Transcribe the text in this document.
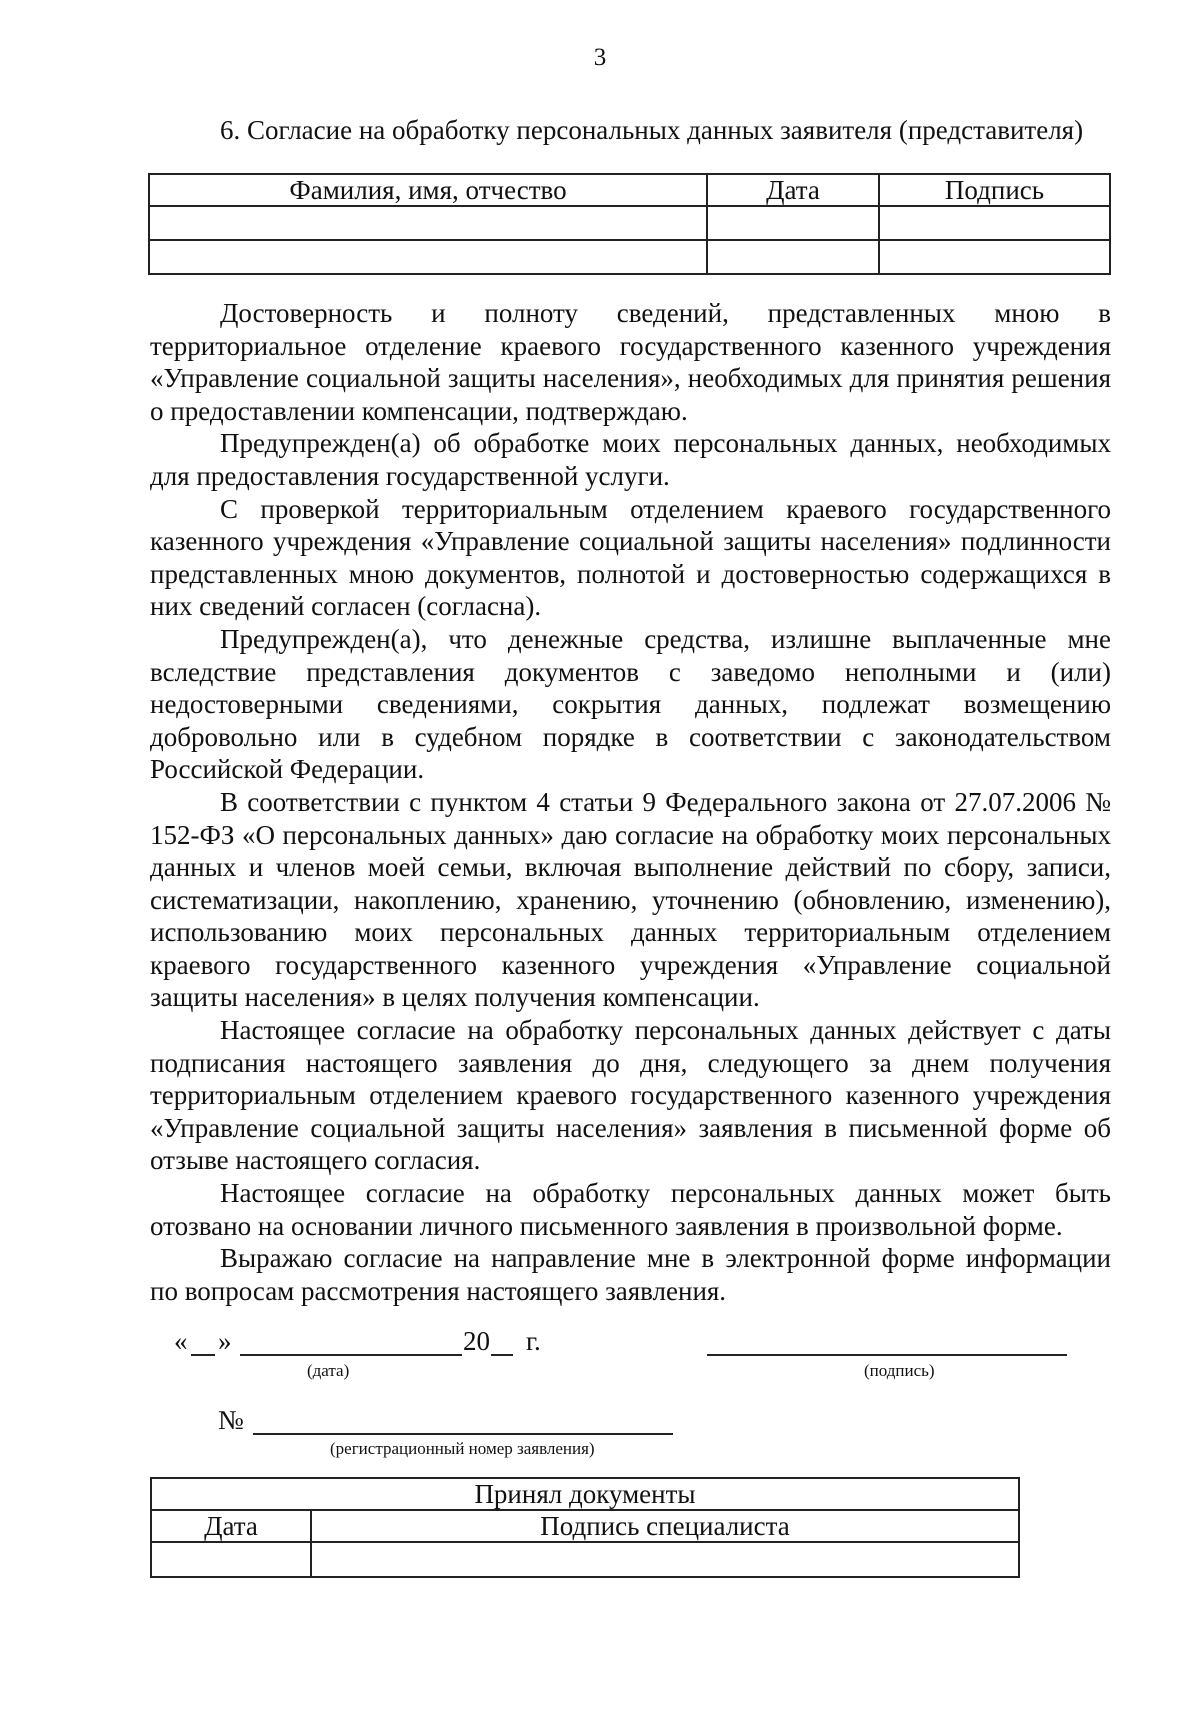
3
6. Согласие на обработку персональных данных заявителя (представителя)
Фамилия, имя, отчество	Дата	Подпись

Достоверность и полноту сведений, представленных мною в территориальное отделение краевого государственного казенного учреждения «Управление социальной защиты населения», необходимых для принятия решения о предоставлении компенсации, подтверждаю.

Предупрежден(а) об обработке моих персональных данных, необходимых для предоставления государственной услуги.

С проверкой территориальным отделением краевого государственного казенного учреждения «Управление социальной защиты населения» подлинности представленных мною документов, полнотой и достоверностью содержащихся в них сведений согласен (согласна).

Предупрежден(а), что денежные средства, излишне выплаченные мне вследствие представления документов с заведомо неполными и (или) недостоверными сведениями, сокрытия данных, подлежат возмещению добровольно или в судебном порядке в соответствии с законодательством Российской Федерации.

В соответствии с пунктом 4 статьи 9 Федерального закона от 27.07.2006 № 152-ФЗ «О персональных данных» даю согласие на обработку моих персональных данных и членов моей семьи, включая выполнение действий по сбору, записи, систематизации, накоплению, хранению, уточнению (обновлению, изменению), использованию моих персональных данных территориальным отделением краевого государственного казенного учреждения «Управление социальной защиты населения» в целях получения компенсации.

Настоящее согласие на обработку персональных данных действует с даты подписания настоящего заявления до дня, следующего за днем получения территориальным отделением краевого государственного казенного учреждения «Управление социальной защиты населения» заявления в письменной форме об отзыве настоящего согласия.

Настоящее согласие на обработку персональных данных может быть отозвано на основании личного письменного заявления в произвольной форме.

Выражаю согласие на направление мне в электронной форме информации по вопросам рассмотрения настоящего заявления.

« »	20 г.
(дата)	(подпись)
№
(регистрационный номер заявления)
Принял документы	
Дата	Подпись специалиста
